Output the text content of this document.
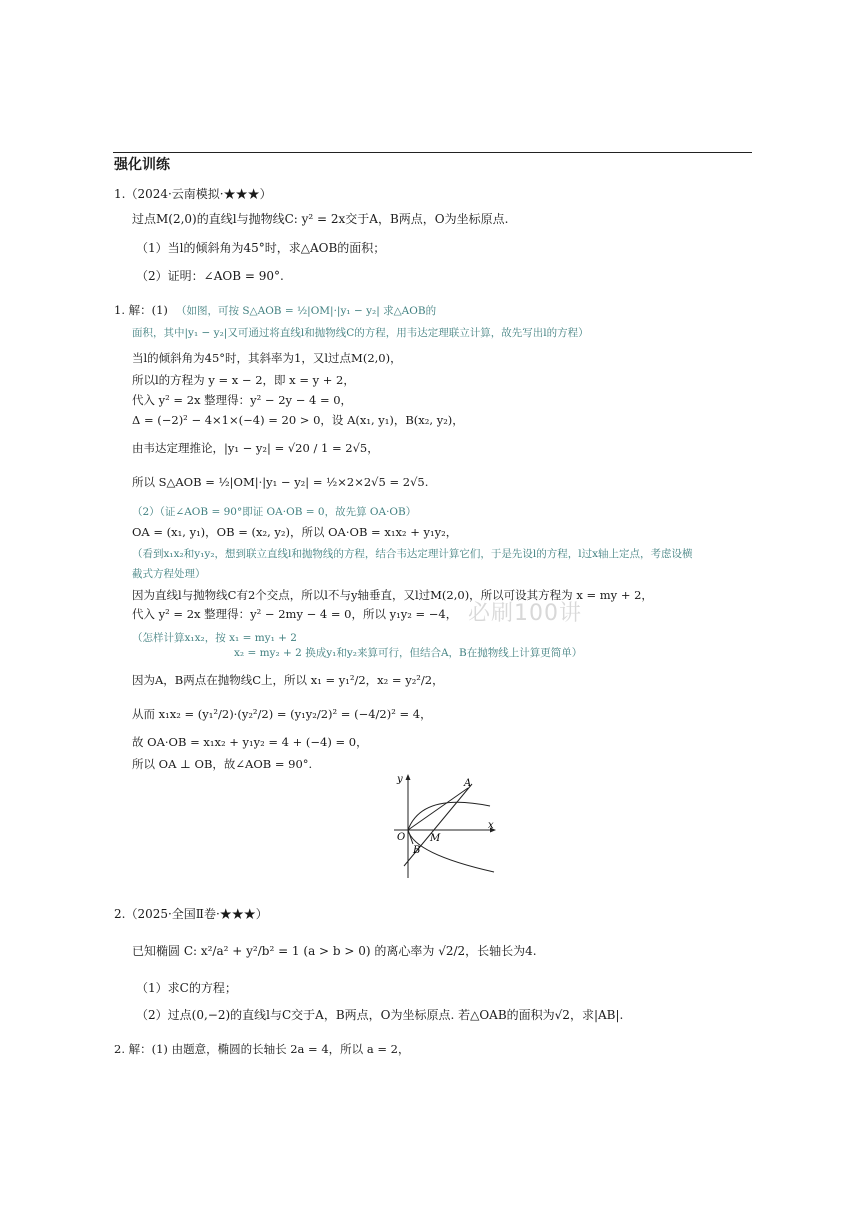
强化训练
1.（2024·云南模拟·★★★）
过点M(2,0)的直线l与抛物线C: y² = 2x交于A，B两点，O为坐标原点.
（1）当l的倾斜角为45°时，求△AOB的面积；
（2）证明：∠AOB = 90°.
1. 解：(1) （如图，可按 S△AOB = ½|OM|·|y₁ − y₂| 求△AOB的
面积，其中|y₁ − y₂|又可通过将直线l和抛物线C的方程，用韦达定理联立计算，故先写出l的方程）
当l的倾斜角为45°时，其斜率为1，又l过点M(2,0)，
所以l的方程为 y = x − 2，即 x = y + 2，
代入 y² = 2x 整理得：y² − 2y − 4 = 0，
Δ = (−2)² − 4×1×(−4) = 20 > 0，设 A(x₁, y₁)，B(x₂, y₂)，
由韦达定理推论，|y₁ − y₂| = √20 / 1 = 2√5，
所以 S△AOB = ½|OM|·|y₁ − y₂| = ½×2×2√5 = 2√5.
（2）（证∠AOB = 90°即证 OA·OB = 0，故先算 OA·OB）
OA = (x₁, y₁)，OB = (x₂, y₂)，所以 OA·OB = x₁x₂ + y₁y₂，
（看到x₁x₂和y₁y₂，想到联立直线l和抛物线的方程，结合韦达定理计算它们，于是先设l的方程，l过x轴上定点，考虑设横
截式方程处理）
因为直线l与抛物线C有2个交点，所以l不与y轴垂直，又l过M(2,0)，所以可设其方程为 x = my + 2，
代入 y² = 2x 整理得：y² − 2my − 4 = 0，所以 y₁y₂ = −4， 必刷100讲
（怎样计算x₁x₂，按 x₁ = my₁ + 2
x₂ = my₂ + 2 换成y₁和y₂来算可行，但结合A，B在抛物线上计算更简单）
因为A，B两点在抛物线C上，所以 x₁ = y₁²/2，x₂ = y₂²/2，
从而 x₁x₂ = (y₁²/2)·(y₂²/2) = (y₁y₂/2)² = (−4/2)² = 4，
故 OA·OB = x₁x₂ + y₁y₂ = 4 + (−4) = 0，
所以 OA ⊥ OB，故∠AOB = 90°.
y
x
O M
A
B
2.（2025·全国Ⅱ卷·★★★）
已知椭圆 C: x²/a² + y²/b² = 1 (a > b > 0) 的离心率为 √2/2，长轴长为4.
（1）求C的方程；
（2）过点(0,−2)的直线l与C交于A，B两点，O为坐标原点. 若△OAB的面积为√2，求|AB|.
2. 解：(1) 由题意，椭圆的长轴长 2a = 4，所以 a = 2，
